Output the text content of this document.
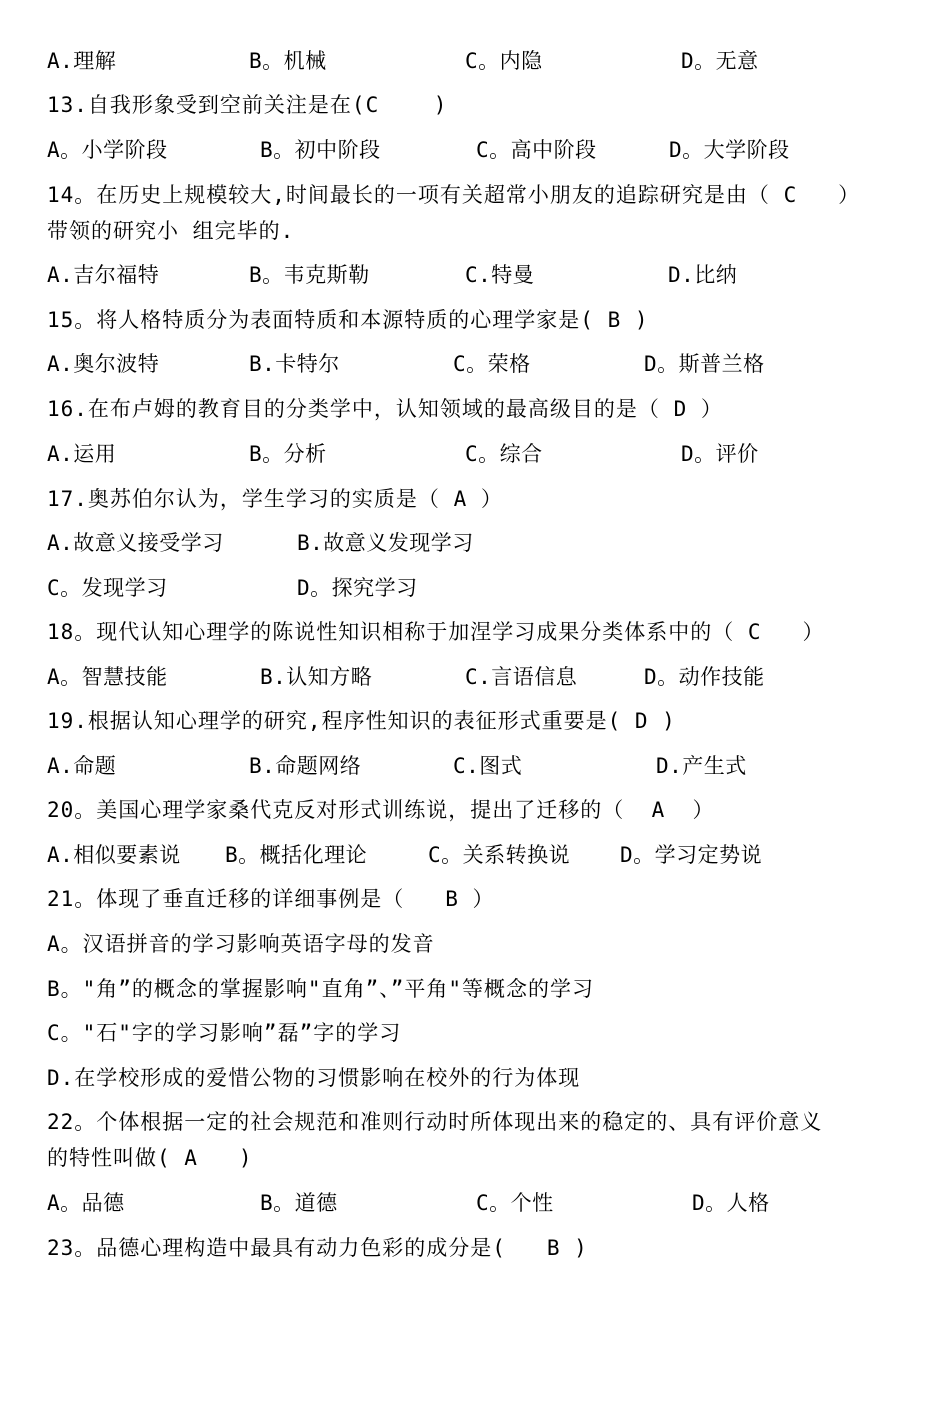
A.理解

	B。机械

	C。内隐

	D。无意

13.自我形象受到空前关注是在(C    )

A。小学阶段

	B。初中阶段

	C。高中阶段

	D。大学阶段

14。在历史上规模较大,时间最长的一项有关超常小朋友的追踪研究是由（ C   ）
带领的研究小 组完毕的.

A.吉尔福特

	B。韦克斯勒

	C.特曼

	D.比纳

15。将人格特质分为表面特质和本源特质的心理学家是( B )

A.奥尔波特

	B.卡特尔

	C。荣格

	D。斯普兰格

16.在布卢姆的教育目的分类学中，认知领域的最高级目的是（ D ）

A.运用

	B。分析

	C。综合

	D。评价

17.奥苏伯尔认为，学生学习的实质是（ A ）

A.故意义接受学习

	B.故意义发现学习

C。发现学习

	D。探究学习

18。现代认知心理学的陈说性知识相称于加涅学习成果分类体系中的（ C   ）

A。智慧技能

	B.认知方略

	C.言语信息

	D。动作技能

19.根据认知心理学的研究,程序性知识的表征形式重要是( D )

A.命题

	B.命题网络

	C.图式

	D.产生式

20。美国心理学家桑代克反对形式训练说，提出了迁移的（  A  ）

A.相似要素说

B。概括化理论

	C。关系转换说

D。学习定势说

21。体现了垂直迁移的详细事例是（   B ）
A。汉语拼音的学习影响英语字母的发音
B。"角”的概念的掌握影响"直角”、”平角"等概念的学习
C。"石"字的学习影响”磊”字的学习
D.在学校形成的爱惜公物的习惯影响在校外的行为体现
22。个体根据一定的社会规范和准则行动时所体现出来的稳定的、具有评价意义
的特性叫做( A   )

A。品德

	B。道德

	C。个性

	D。人格

23。品德心理构造中最具有动力色彩的成分是(   B )
